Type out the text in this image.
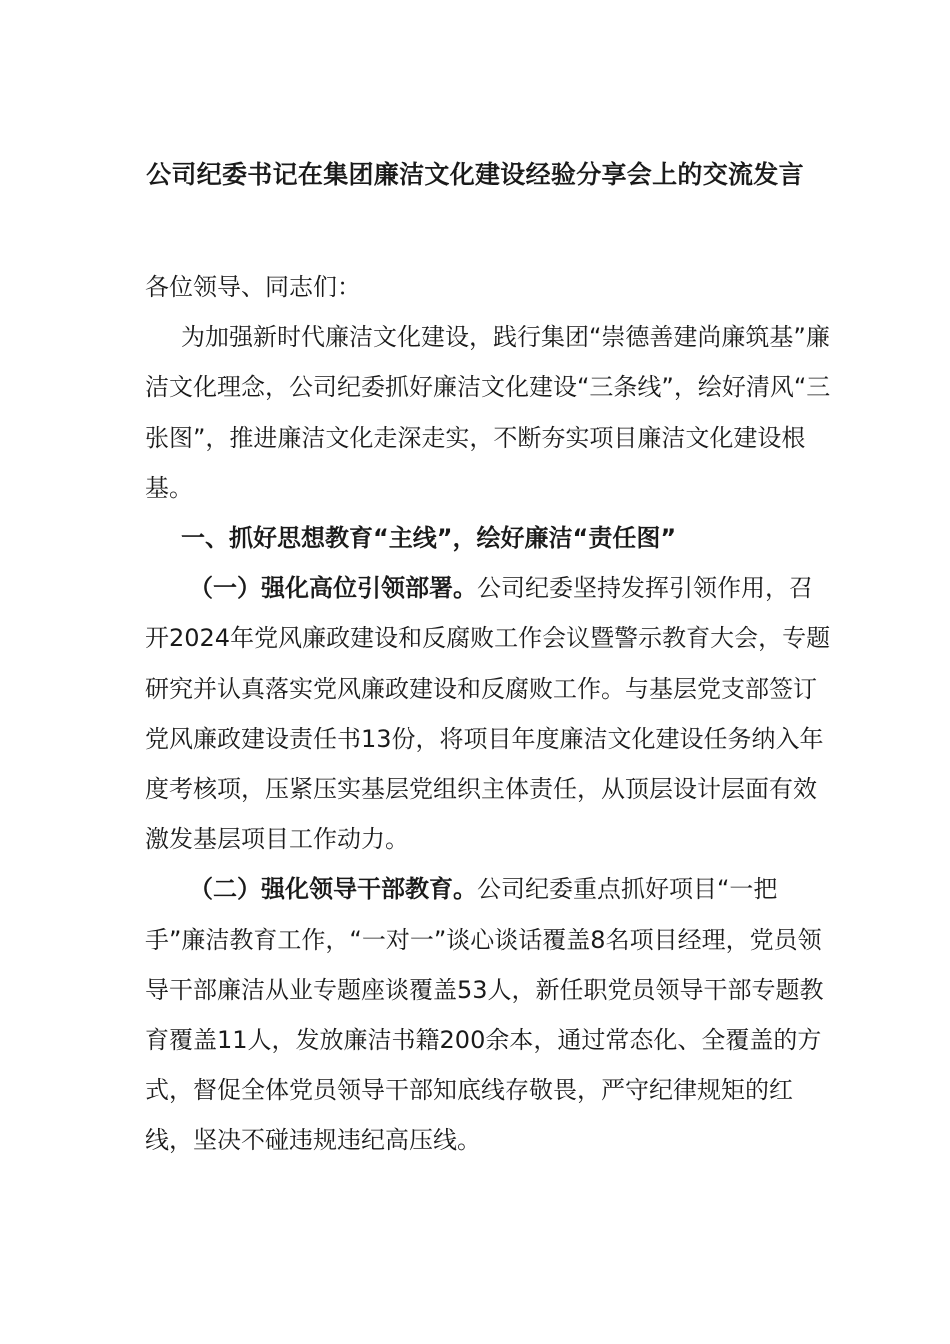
公司纪委书记在集团廉洁文化建设经验分享会上的交流发言

各位领导、同志们：

为加强新时代廉洁文化建设，践行集团“崇德善建尚廉筑基”廉洁文化理念，公司纪委抓好廉洁文化建设“三条线”，绘好清风“三张图”，推进廉洁文化走深走实，不断夯实项目廉洁文化建设根基。

一、抓好思想教育“主线”，绘好廉洁“责任图”

（一）强化高位引领部署。公司纪委坚持发挥引领作用，召开2024年党风廉政建设和反腐败工作会议暨警示教育大会，专题研究并认真落实党风廉政建设和反腐败工作。与基层党支部签订党风廉政建设责任书13份，将项目年度廉洁文化建设任务纳入年度考核项，压紧压实基层党组织主体责任，从顶层设计层面有效激发基层项目工作动力。

（二）强化领导干部教育。公司纪委重点抓好项目“一把手”廉洁教育工作，“一对一”谈心谈话覆盖8名项目经理，党员领导干部廉洁从业专题座谈覆盖53人，新任职党员领导干部专题教育覆盖11人，发放廉洁书籍200余本，通过常态化、全覆盖的方式，督促全体党员领导干部知底线存敬畏，严守纪律规矩的红线，坚决不碰违规违纪高压线。
